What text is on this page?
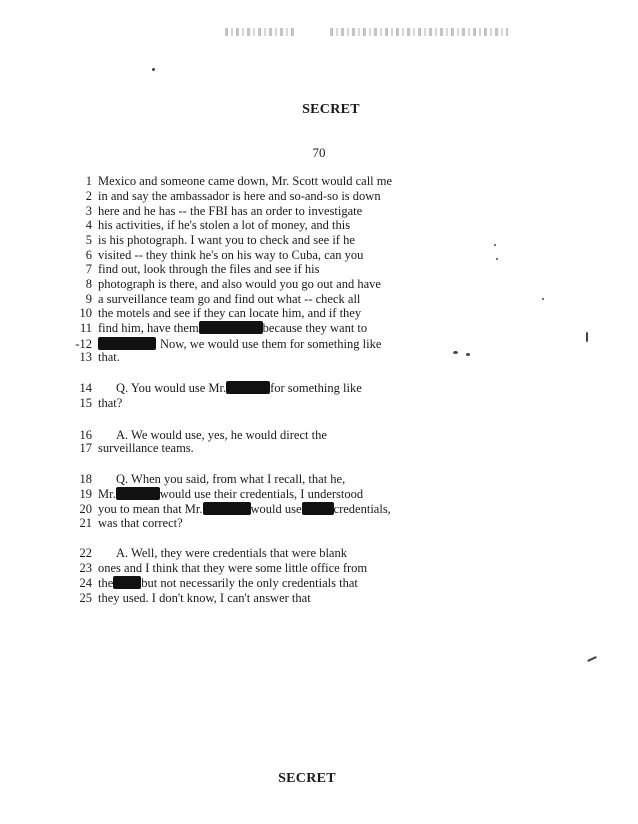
SECRET
70
1 Mexico and someone came down, Mr. Scott would call me
2 in and say the ambassador is here and so-and-so is down
3 here and he has -- the FBI has an order to investigate
4 his activities, if he's stolen a lot of money, and this
5 is his photograph. I want you to check and see if he
6 visited -- they think he's on his way to Cuba, can you
7 find out, look through the files and see if his
8 photograph is there, and also would you go out and have
9 a surveillance team go and find out what -- check all
10 the motels and see if they can locate him, and if they
11 find him, have them	because they want to
-12	Now, we would use them for something like
13 that.
14 Q. You would use Mr.	for something like
15 that?
16 A. We would use, yes, he would direct the
17 surveillance teams.
18 Q. When you said, from what I recall, that he,
19 Mr.	would use their credentials, I understood
20 you to mean that Mr.	would use	credentials,
21 was that correct?
22 A. Well, they were credentials that were blank
23 ones and I think that they were some little office from
24 the but not necessarily the only credentials that
25 they used. I don't know, I can't answer that
SECRET
